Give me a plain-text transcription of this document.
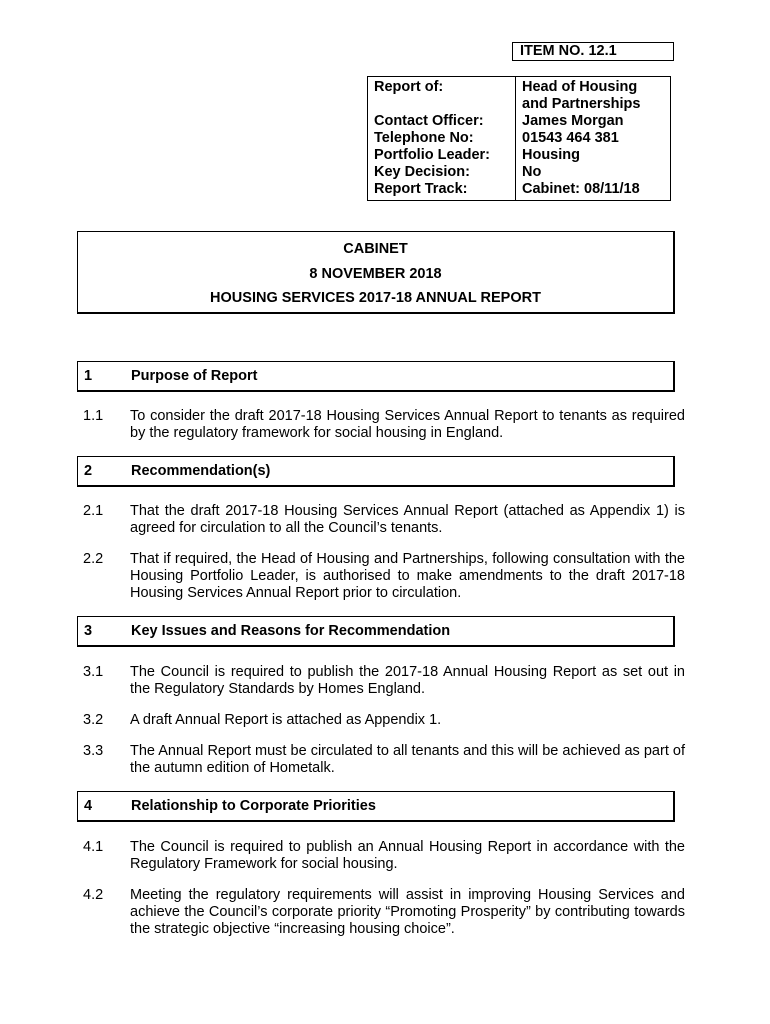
ITEM NO. 12.1
Report of:	Head of Housing and Partnerships
Contact Officer:	James Morgan
Telephone No:	01543 464 381
Portfolio Leader:	Housing
Key Decision:	No
Report Track:	Cabinet: 08/11/18
CABINET
8 NOVEMBER 2018
HOUSING SERVICES 2017-18 ANNUAL REPORT
1	Purpose of Report
1.1 To consider the draft 2017-18 Housing Services Annual Report to tenants as required by the regulatory framework for social housing in England.
2	Recommendation(s)
2.1 That the draft 2017-18 Housing Services Annual Report (attached as Appendix 1) is agreed for circulation to all the Council’s tenants.
2.2 That if required, the Head of Housing and Partnerships, following consultation with the Housing Portfolio Leader, is authorised to make amendments to the draft 2017-18 Housing Services Annual Report prior to circulation.
3	Key Issues and Reasons for Recommendation
3.1 The Council is required to publish the 2017-18 Annual Housing Report as set out in the Regulatory Standards by Homes England.
3.2 A draft Annual Report is attached as Appendix 1.
3.3 The Annual Report must be circulated to all tenants and this will be achieved as part of the autumn edition of Hometalk.
4	Relationship to Corporate Priorities
4.1 The Council is required to publish an Annual Housing Report in accordance with the Regulatory Framework for social housing.
4.2 Meeting the regulatory requirements will assist in improving Housing Services and achieve the Council’s corporate priority “Promoting Prosperity” by contributing towards the strategic objective “increasing housing choice”.
